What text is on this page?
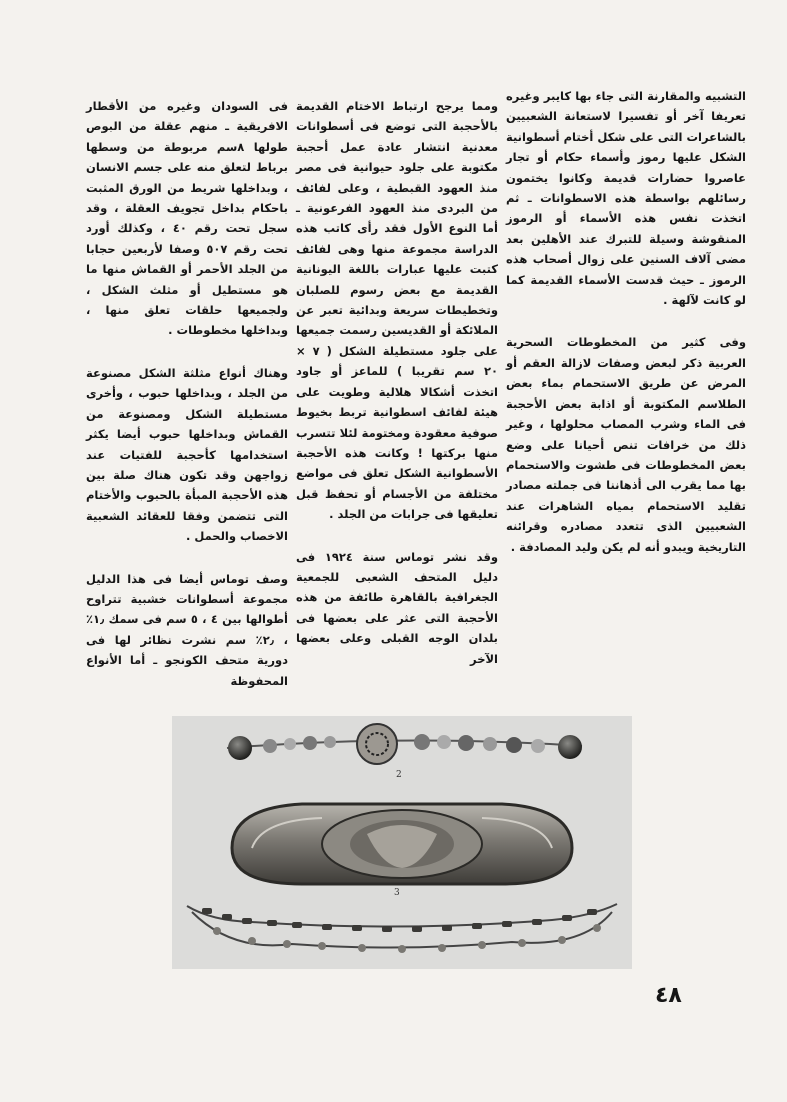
التشبيه والمقارنة التى جاء بها كايبر وغيره تعريفا آخر أو تفسيرا لاستعانة الشعبيين بالشاعرات التى على شكل أختام أسطوانية الشكل عليها رموز وأسماء حكام أو تجار عاصروا حضارات قديمة وكانوا يختمون رسائلهم بواسطة هذه الاسطوانات ـ ثم اتخذت نفس هذه الأسماء أو الرموز المنقوشة وسيلة للتبرك عند الأهلين بعد مضى آلاف السنين على زوال أصحاب هذه الرموز ـ حيث قدست الأسماء القديمة كما لو كانت لآلهة .

وفى كثير من المخطوطات السحرية العربية ذكر لبعض وصفات لازالة العقم أو المرض عن طريق الاستحمام بماء بعض الطلاسم المكتوبة أو اذابة بعض الأحجبة فى الماء وشرب المصاب محلولها ، وغير ذلك من خرافات تنص أحيانا على وضع بعض المخطوطات فى طشوت والاستحمام بها مما يقرب الى أذهاننا فى جملته مصادر تقليد الاستحمام بمياه الشاهرات عند الشعبيين الذى تتعدد مصادره وقرائنه التاريخية ويبدو أنه لم يكن وليد المصادفة .

ومما يرجح ارتباط الاختام القديمة بالأحجبة التى توضع فى أسطوانات معدنية انتشار عادة عمل أحجبة مكتوبة على جلود حيوانية فى مصر منذ العهود القبطية ، وعلى لفائف من البردى منذ العهود الفرعونية ـ أما النوع الأول فقد رأى كاتب هذه الدراسة مجموعة منها وهى لفائف كتبت عليها عبارات باللغة اليونانية القديمة مع بعض رسوم للصلبان وتخطيطات سريعة وبدائية تعبر عن الملائكة أو القديسين رسمت جميعها على جلود مستطيلة الشكل ( ٧ × ٢٠ سم تقريبا ) للماعز أو جاود اتخذت أشكالا هلالية وطويت على هيئة لفائف اسطوانية تربط بخيوط صوفية معقودة ومختومة لئلا تتسرب منها بركتها ! وكانت هذه الأحجبة الأسطوانية الشكل تعلق فى مواضع مختلفة من الأجسام أو تحفظ قبل تعليقها فى جرابات من الجلد .

وقد نشر توماس سنة ١٩٢٤ فى دليل المتحف الشعبى للجمعية الجغرافية بالقاهرة طائفة من هذه الأحجبة التى عثر على بعضها فى بلدان الوجه القبلى وعلى بعضها الآخر

فى السودان وغيره من الأقطار الافريقية ـ منهم عقلة من البوص طولها ٨سم مربوطة من وسطها برباط لتعلق منه على جسم الانسان ، وبداخلها شريط من الورق المثبت باحكام بداخل تجويف العقلة ، وقد سجل تحت رقم ٤٠ ، وكذلك أورد تحت رقم ٥٠٧ وصفا لأربعين حجابا من الجلد الأحمر أو القماش منها ما هو مستطيل أو مثلث الشكل ، ولجميعها حلقات تعلق منها ، وبداخلها مخطوطات .

وهناك أنواع مثلثة الشكل مصنوعة من الجلد ، وبداخلها حبوب ، وأخرى مستطيلة الشكل ومصنوعة من القماش وبداخلها حبوب أيضا يكثر استخدامها كأحجبة للفتيات عند زواجهن وقد تكون هناك صلة بين هذه الأحجبة المبأة بالحبوب والأختام التى تتضمن وفقا للعقائد الشعبية الاخصاب والحمل .

وصف توماس أيضا فى هذا الدليل مجموعة أسطوانات خشبية تتراوح أطوالها بين ٤ ، ٥ سم فى سمك ١٫٪ ، ٢٫٪ سم نشرت نظائر لها فى دورية متحف الكونجو ـ أما الأنواع المحفوظة

2
3
٤٨
